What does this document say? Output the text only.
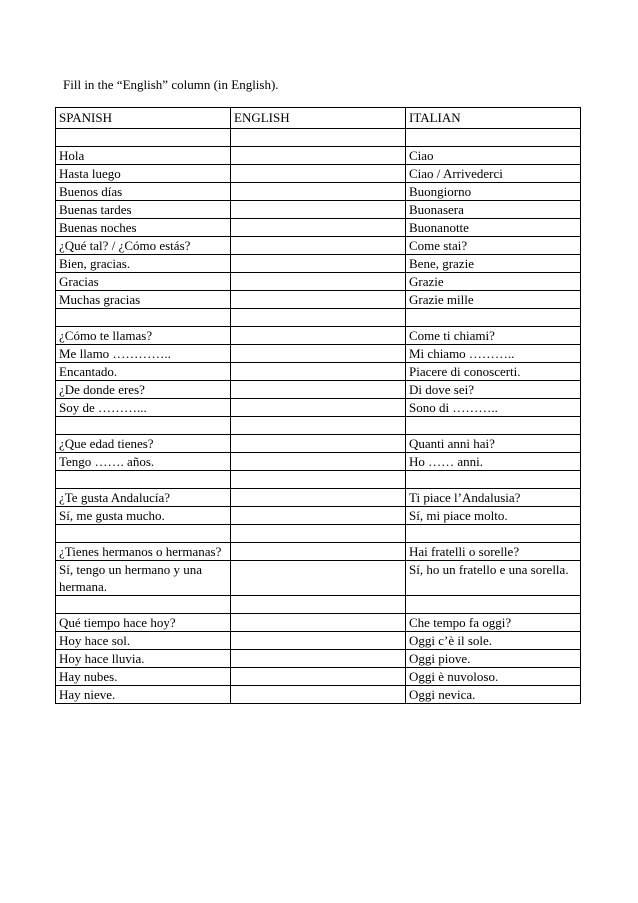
Fill in the “English” column (in English).
SPANISH	ENGLISH	ITALIAN

Hola		Ciao
Hasta luego		Ciao / Arrivederci
Buenos días		Buongiorno
Buenas tardes		Buonasera
Buenas noches		Buonanotte
¿Qué tal? / ¿Cómo estás?		Come stai?
Bien, gracias.		Bene, grazie
Gracias		Grazie
Muchas gracias		Grazie mille

¿Cómo te llamas?		Come ti chiami?
Me llamo …………..		Mi chiamo ………..
Encantado.		Piacere di conoscerti.
¿De donde eres?		Di dove sei?
Soy de ………...		Sono di ………..

¿Que edad tienes?		Quanti anni hai?
Tengo ……. años.		Ho …… anni.

¿Te gusta Andalucía?		Ti piace l’Andalusia?
Sí, me gusta mucho.		Sí, mi piace molto.

¿Tienes hermanos o hermanas?		Hai fratelli o sorelle?
Sí, tengo un hermano y una hermana.		Sí, ho un fratello e una sorella.

Qué tiempo hace hoy?		Che tempo fa oggi?
Hoy hace sol.		Oggi c’è il sole.
Hoy hace lluvia.		Oggi piove.
Hay nubes.		Oggi è nuvoloso.
Hay nieve.		Oggi nevica.
